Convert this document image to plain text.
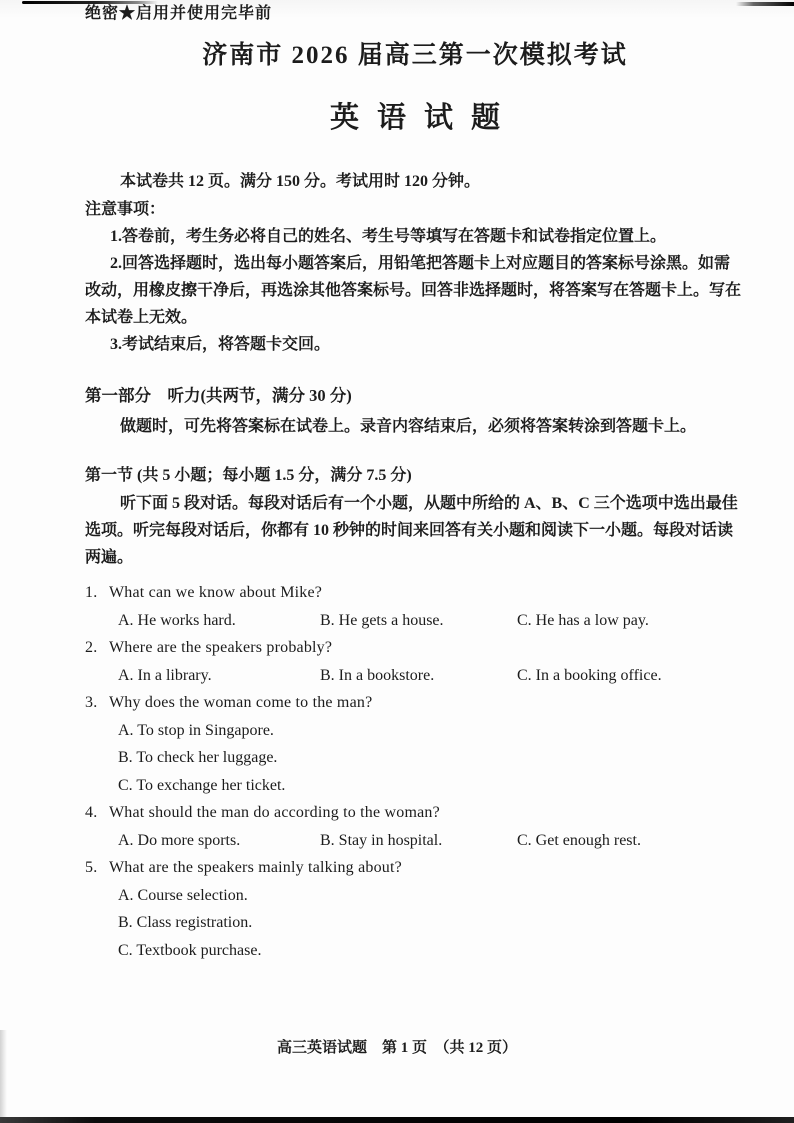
绝密★启用并使用完毕前
济南市 2026 届高三第一次模拟考试
英语试题

本试卷共 12 页。满分 150 分。考试用时 120 分钟。

注意事项：

1.答卷前，考生务必将自己的姓名、考生号等填写在答题卡和试卷指定位置上。

2.回答选择题时，选出每小题答案后，用铅笔把答题卡上对应题目的答案标号涂黑。如需改动，用橡皮擦干净后，再选涂其他答案标号。回答非选择题时，将答案写在答题卡上。写在本试卷上无效。

3.考试结束后，将答题卡交回。

第一部分　听力(共两节，满分 30 分)

做题时，可先将答案标在试卷上。录音内容结束后，必须将答案转涂到答题卡上。

第一节 (共 5 小题；每小题 1.5 分，满分 7.5 分)

听下面 5 段对话。每段对话后有一个小题，从题中所给的 A、B、C 三个选项中选出最佳选项。听完每段对话后，你都有 10 秒钟的时间来回答有关小题和阅读下一小题。每段对话读两遍。

1. What can we know about Mike?

A. He works hard.	B. He gets a house.	C. He has a low pay.

2. Where are the speakers probably?

A. In a library.	B. In a bookstore.	C. In a booking office.

3. Why does the woman come to the man?

A. To stop in Singapore.
B. To check her luggage.
C. To exchange her ticket.

4. What should the man do according to the woman?

A. Do more sports.	B. Stay in hospital.	C. Get enough rest.

5. What are the speakers mainly talking about?

A. Course selection.
B. Class registration.
C. Textbook purchase.
高三英语试题　第 1 页　（共 12 页）
